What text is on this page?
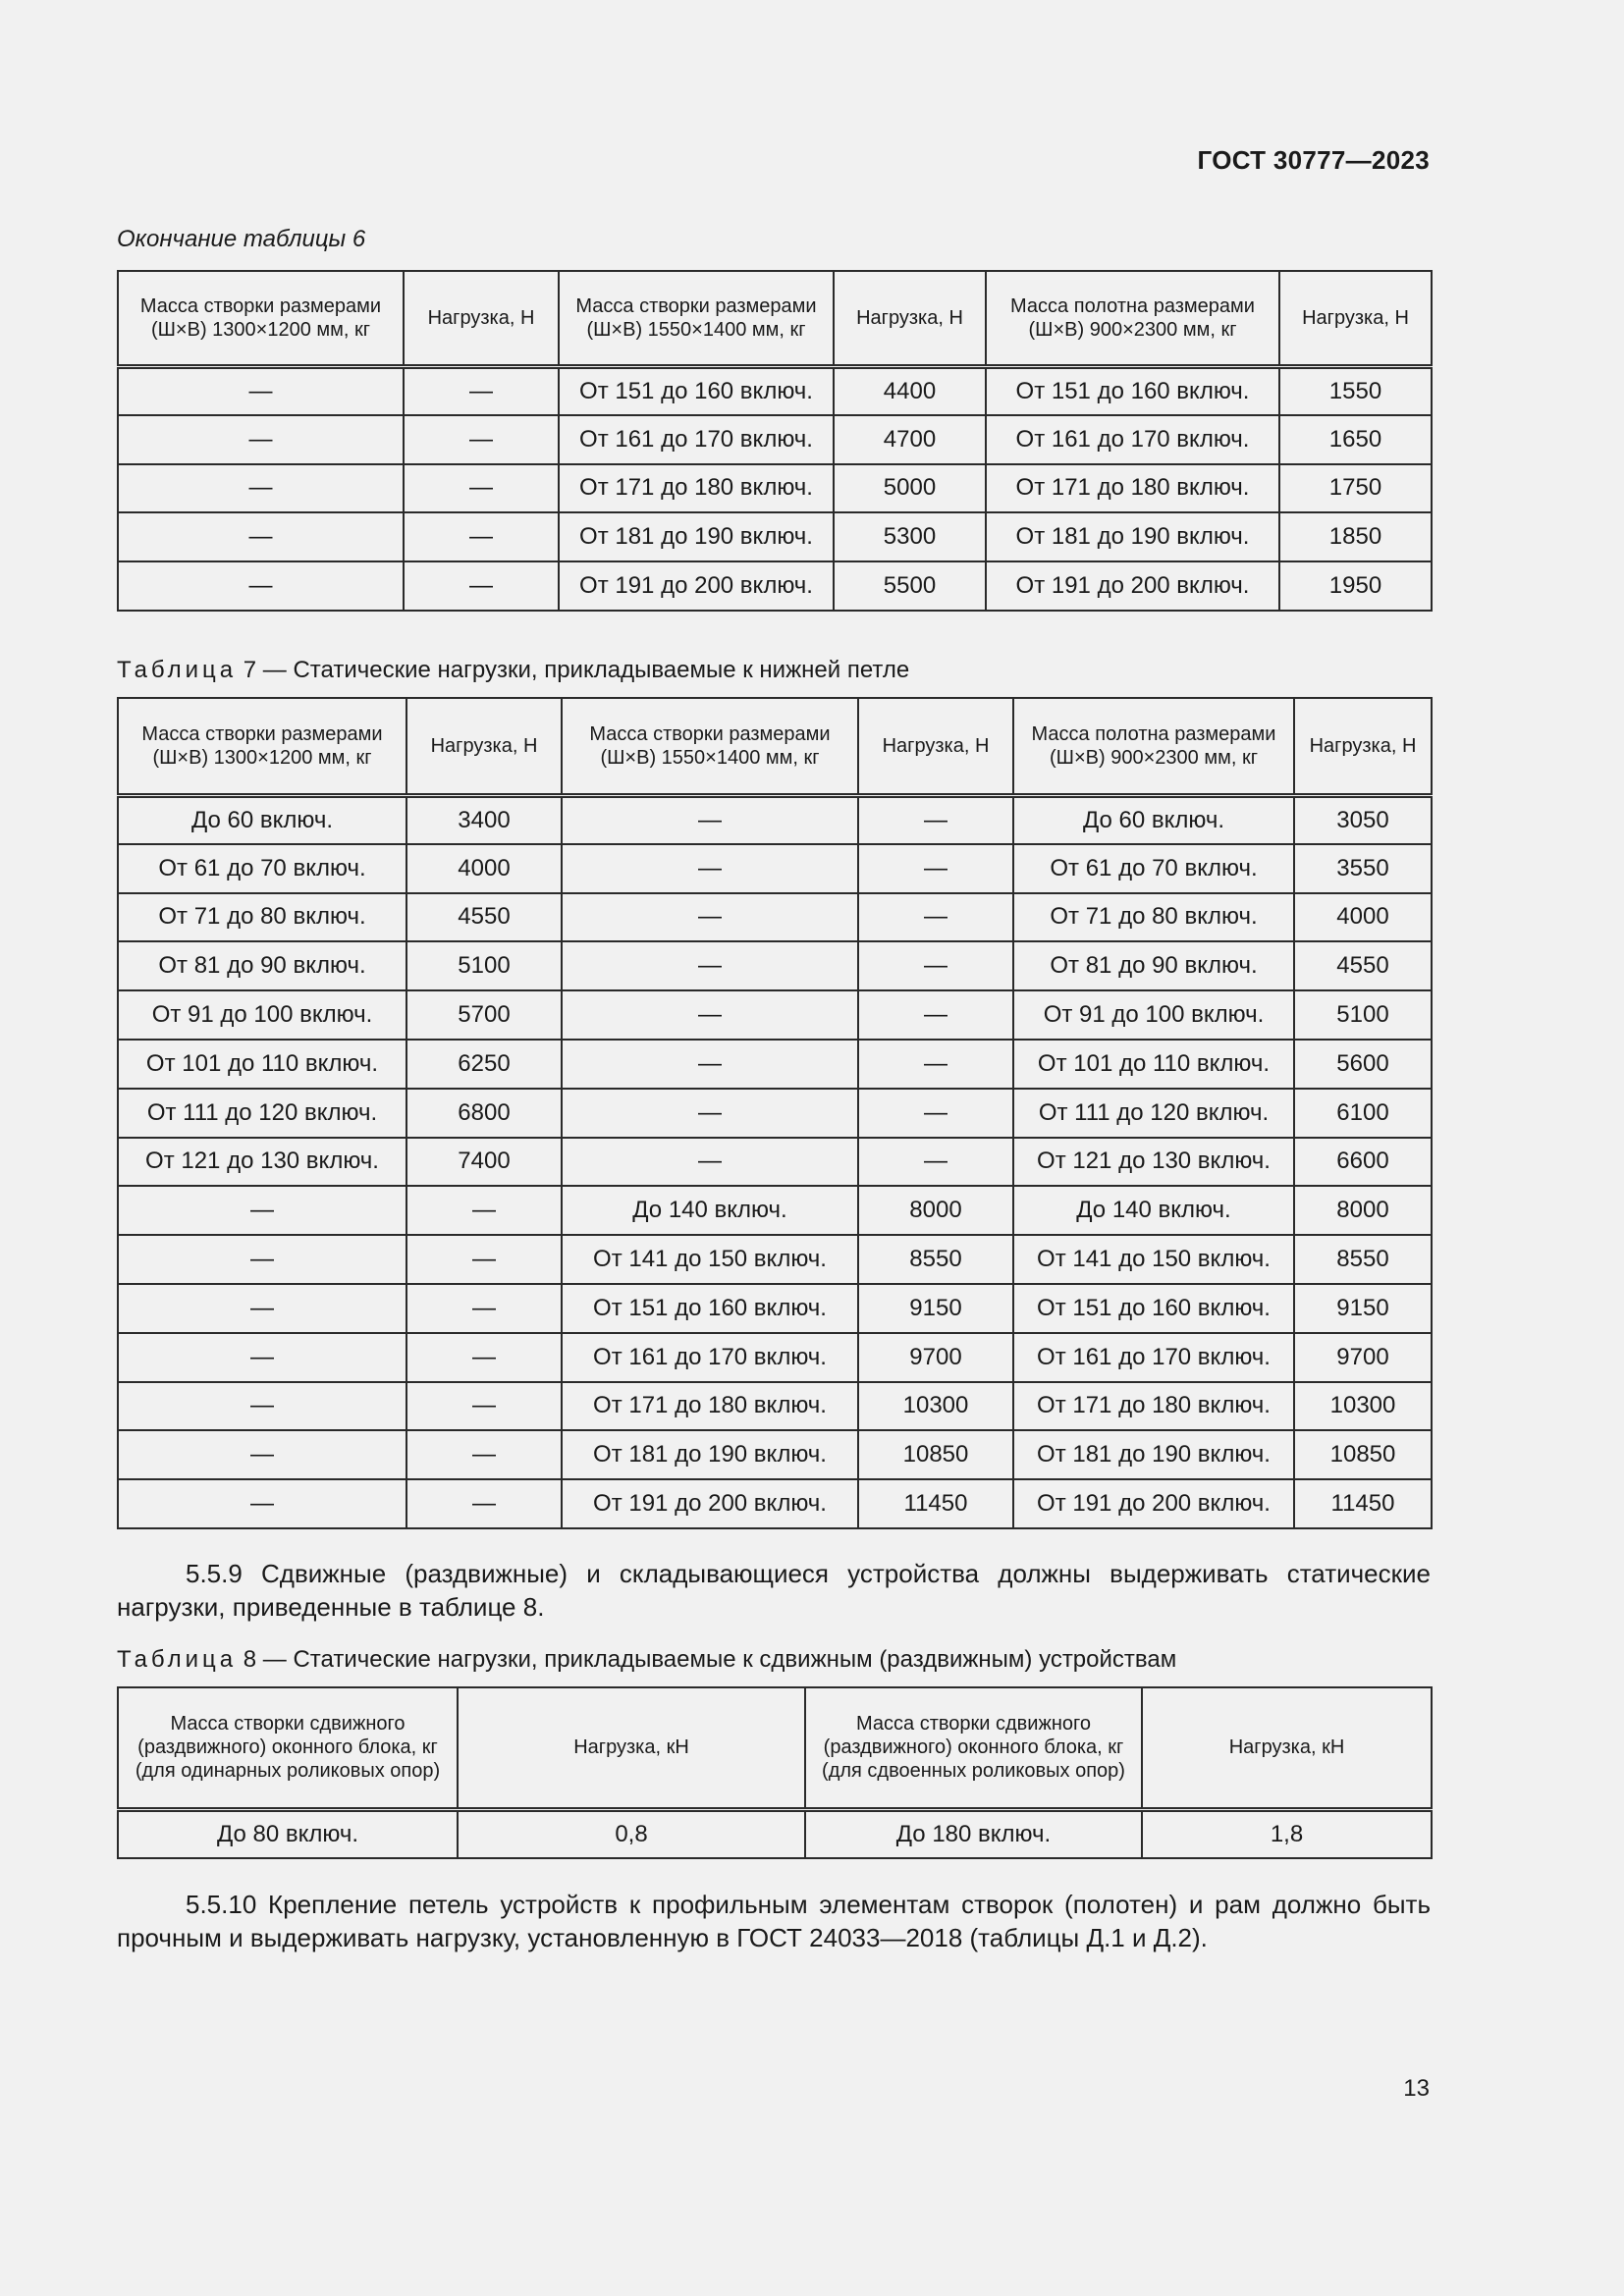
ГОСТ 30777—2023
Окончание таблицы 6
Масса створки размерами (Ш×В) 1300×1200 мм, кг	Нагрузка, Н	Масса створки размерами (Ш×В) 1550×1400 мм, кг	Нагрузка, Н	Масса полотна размерами (Ш×В) 900×2300 мм, кг	Нагрузка, Н
—	—	От 151 до 160 включ.	4400	От 151 до 160 включ.	1550
—	—	От 161 до 170 включ.	4700	От 161 до 170 включ.	1650
—	—	От 171 до 180 включ.	5000	От 171 до 180 включ.	1750
—	—	От 181 до 190 включ.	5300	От 181 до 190 включ.	1850
—	—	От 191 до 200 включ.	5500	От 191 до 200 включ.	1950
Таблица 7 — Статические нагрузки, прикладываемые к нижней петле
Масса створки размерами (Ш×В) 1300×1200 мм, кг	Нагрузка, Н	Масса створки размерами (Ш×В) 1550×1400 мм, кг	Нагрузка, Н	Масса полотна размерами (Ш×В) 900×2300 мм, кг	Нагрузка, Н
До 60 включ.	3400	—	—	До 60 включ.	3050
От 61 до 70 включ.	4000	—	—	От 61 до 70 включ.	3550
От 71 до 80 включ.	4550	—	—	От 71 до 80 включ.	4000
От 81 до 90 включ.	5100	—	—	От 81 до 90 включ.	4550
От 91 до 100 включ.	5700	—	—	От 91 до 100 включ.	5100
От 101 до 110 включ.	6250	—	—	От 101 до 110 включ.	5600
От 111 до 120 включ.	6800	—	—	От 111 до 120 включ.	6100
От 121 до 130 включ.	7400	—	—	От 121 до 130 включ.	6600
—	—	До 140 включ.	8000	До 140 включ.	8000
—	—	От 141 до 150 включ.	8550	От 141 до 150 включ.	8550
—	—	От 151 до 160 включ.	9150	От 151 до 160 включ.	9150
—	—	От 161 до 170 включ.	9700	От 161 до 170 включ.	9700
—	—	От 171 до 180 включ.	10300	От 171 до 180 включ.	10300
—	—	От 181 до 190 включ.	10850	От 181 до 190 включ.	10850
—	—	От 191 до 200 включ.	11450	От 191 до 200 включ.	11450
5.5.9 Сдвижные (раздвижные) и складывающиеся устройства должны выдерживать статические нагрузки, приведенные в таблице 8.
Таблица 8 — Статические нагрузки, прикладываемые к сдвижным (раздвижным) устройствам
Масса створки сдвижного (раздвижного) оконного блока, кг (для одинарных роликовых опор)	Нагрузка, кН	Масса створки сдвижного (раздвижного) оконного блока, кг (для сдвоенных роликовых опор)	Нагрузка, кН
До 80 включ.	0,8	До 180 включ.	1,8
5.5.10 Крепление петель устройств к профильным элементам створок (полотен) и рам должно быть прочным и выдерживать нагрузку, установленную в ГОСТ 24033—2018 (таблицы Д.1 и Д.2).
13
